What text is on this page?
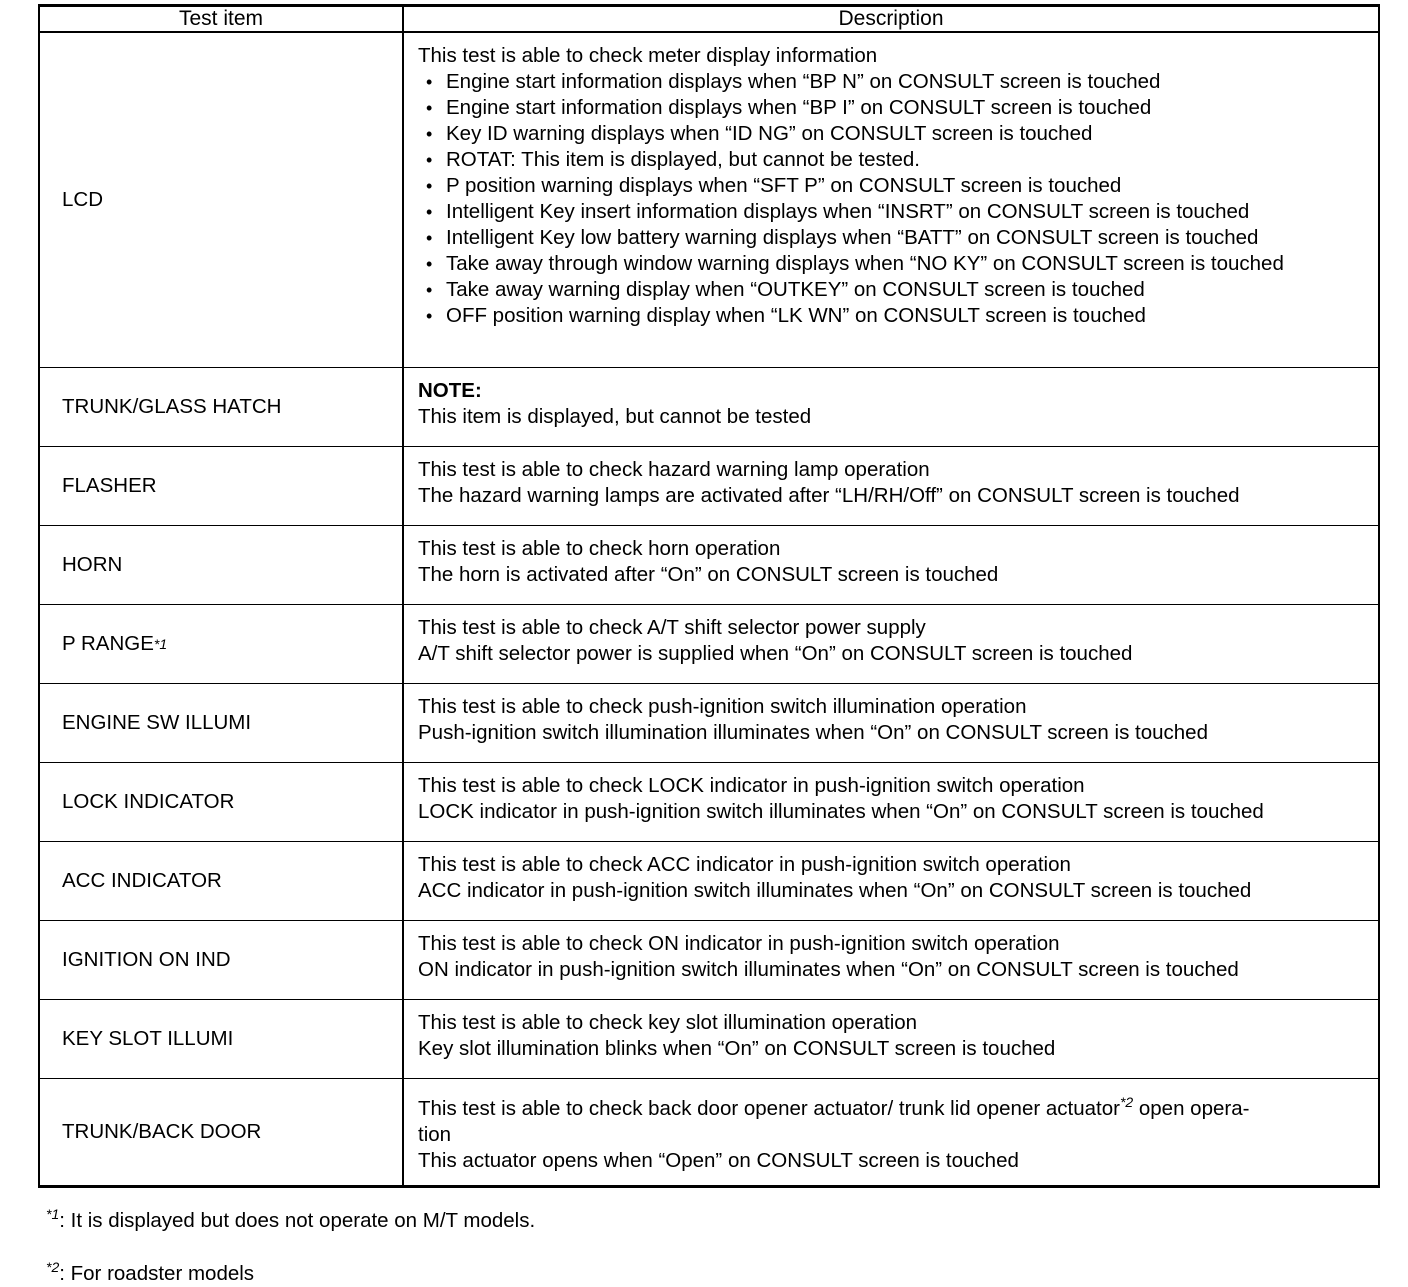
Test item	Description

LCD

This test is able to check meter display information
• Engine start information displays when “BP N” on CONSULT screen is touched
• Engine start information displays when “BP I” on CONSULT screen is touched
• Key ID warning displays when “ID NG” on CONSULT screen is touched
• ROTAT: This item is displayed, but cannot be tested.
• P position warning displays when “SFT P” on CONSULT screen is touched
• Intelligent Key insert information displays when “INSRT” on CONSULT screen is touched
• Intelligent Key low battery warning displays when “BATT” on CONSULT screen is touched
• Take away through window warning displays when “NO KY” on CONSULT screen is touched
• Take away warning display when “OUTKEY” on CONSULT screen is touched
• OFF position warning display when “LK WN” on CONSULT screen is touched

TRUNK/GLASS HATCH	NOTE:
This item is displayed, but cannot be tested

FLASHER	This test is able to check hazard warning lamp operation
The hazard warning lamps are activated after “LH/RH/Off” on CONSULT screen is touched

HORN	This test is able to check horn operation
The horn is activated after “On” on CONSULT screen is touched

P RANGE *1	This test is able to check A/T shift selector power supply
A/T shift selector power is supplied when “On” on CONSULT screen is touched

ENGINE SW ILLUMI	This test is able to check push-ignition switch illumination operation
Push-ignition switch illumination illuminates when “On” on CONSULT screen is touched

LOCK INDICATOR	This test is able to check LOCK indicator in push-ignition switch operation
LOCK indicator in push-ignition switch illuminates when “On” on CONSULT screen is touched

ACC INDICATOR	This test is able to check ACC indicator in push-ignition switch operation
ACC indicator in push-ignition switch illuminates when “On” on CONSULT screen is touched

IGNITION ON IND	This test is able to check ON indicator in push-ignition switch operation
ON indicator in push-ignition switch illuminates when “On” on CONSULT screen is touched

KEY SLOT ILLUMI	This test is able to check key slot illumination operation
Key slot illumination blinks when “On” on CONSULT screen is touched

TRUNK/BACK DOOR	This test is able to check back door opener actuator/ trunk lid opener actuator$^{*2}$ open opera-
tion
This actuator opens when “Open” on CONSULT screen is touched
$^{*1}$: It is displayed but does not operate on M/T models.
$^{*2}$: For roadster models
